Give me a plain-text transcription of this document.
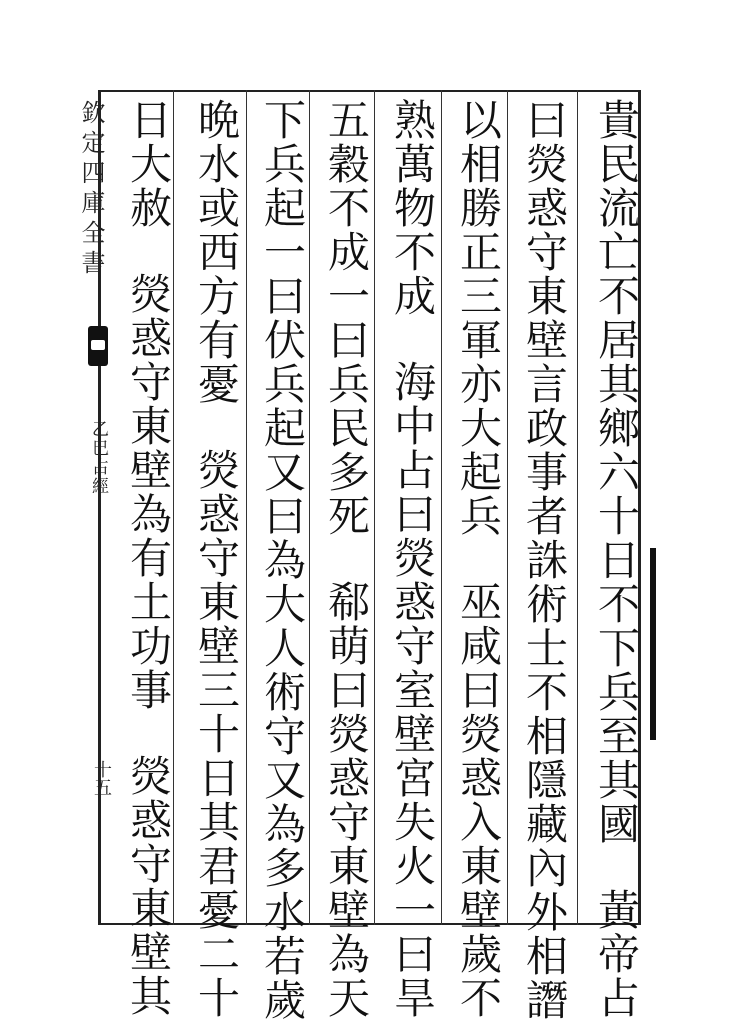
欽定四庫全書
乙巳占經
十五	貴民流亡不居其鄉六十日不下兵至其國黃帝占
曰熒惑守東壁言政事者誅術士不相隱藏內外相譖
以相勝正三軍亦大起兵巫咸曰熒惑入東壁歲不
熟萬物不成海中占曰熒惑守室壁宮失火一曰旱
五穀不成一曰兵民多死郗萌曰熒惑守東壁為天
下兵起一曰伏兵起又曰為大人術守又為多水若歲
晩水或西方有憂熒惑守東壁三十日其君憂二十
日大赦熒惑守東壁為有土功事熒惑守東壁其
